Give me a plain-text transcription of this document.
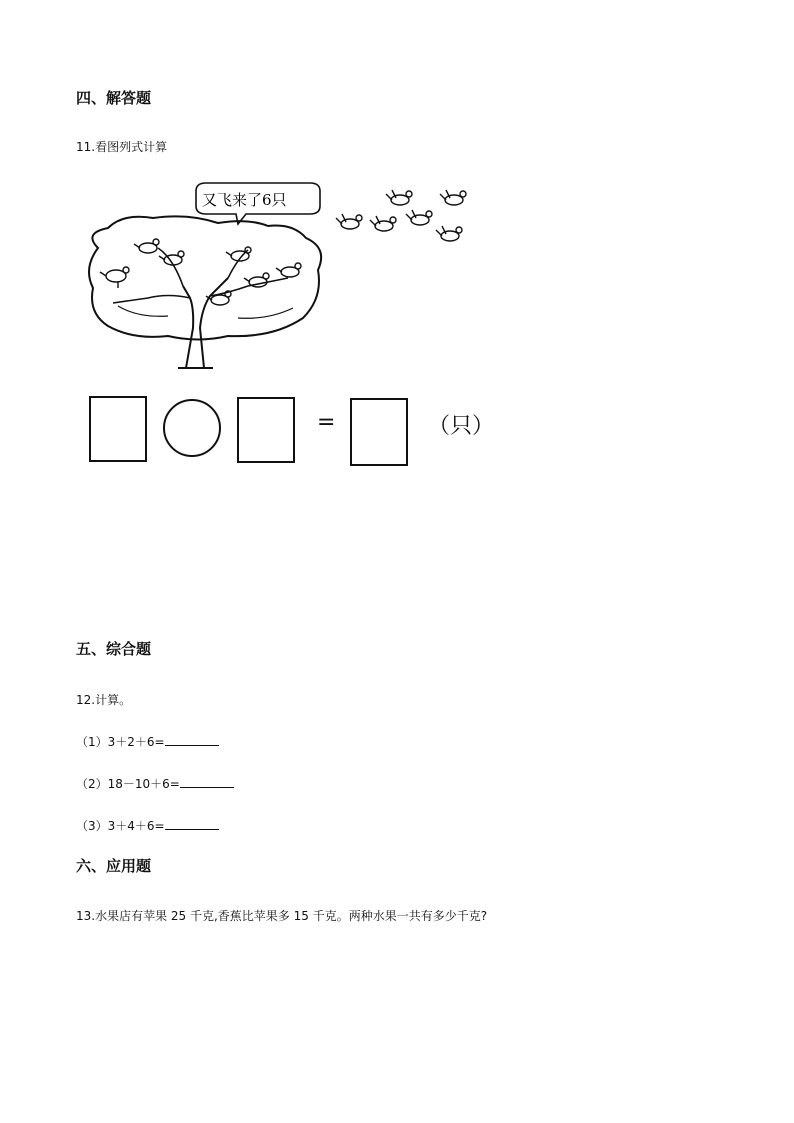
四、解答题
11.看图列式计算
又飞来了6只
=	（只）
五、综合题
12.计算。
（1）3＋2＋6=
（2）18－10＋6=
（3）3＋4＋6=
六、应用题
13.水果店有苹果 25 千克,香蕉比苹果多 15 千克。两种水果一共有多少千克?
